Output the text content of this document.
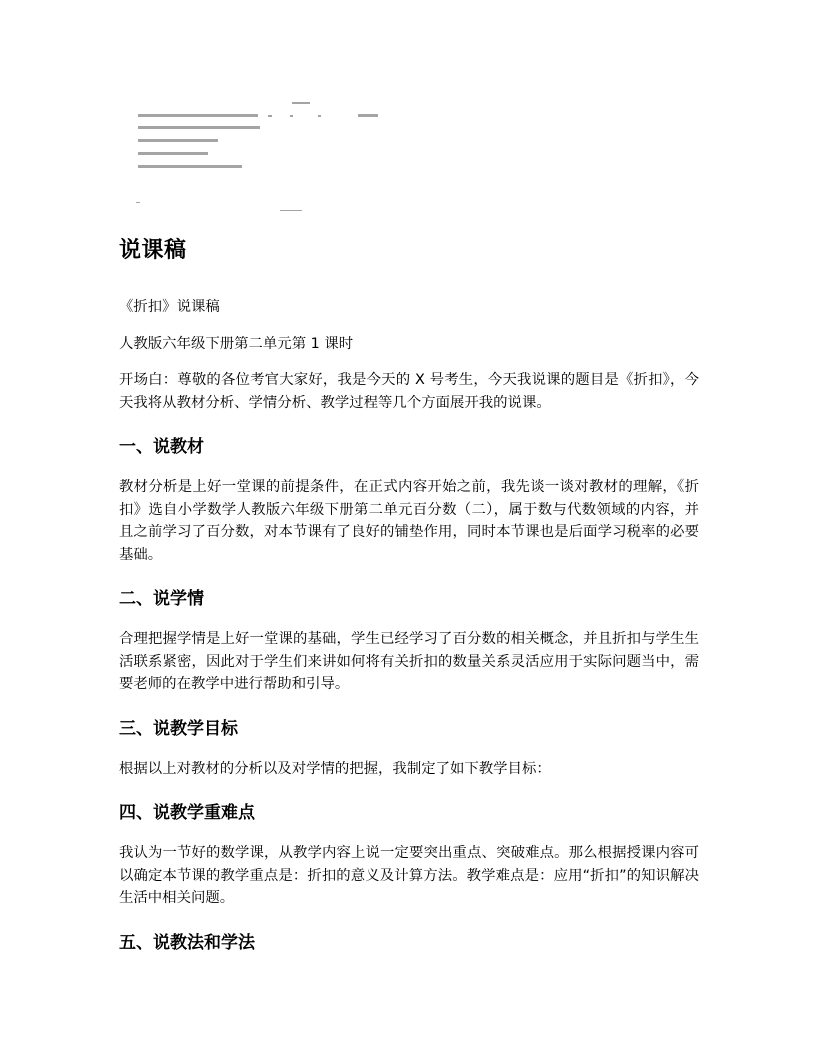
说课稿

《折扣》说课稿

人教版六年级下册第二单元第 1 课时

开场白：尊敬的各位考官大家好，我是今天的 X 号考生，今天我说课的题目是《折扣》，今天我将从教材分析、学情分析、教学过程等几个方面展开我的说课。

一、说教材

教材分析是上好一堂课的前提条件，在正式内容开始之前，我先谈一谈对教材的理解，《折扣》选自小学数学人教版六年级下册第二单元百分数（二），属于数与代数领域的内容，并且之前学习了百分数，对本节课有了良好的铺垫作用，同时本节课也是后面学习税率的必要基础。

二、说学情

合理把握学情是上好一堂课的基础，学生已经学习了百分数的相关概念，并且折扣与学生生活联系紧密，因此对于学生们来讲如何将有关折扣的数量关系灵活应用于实际问题当中，需要老师的在教学中进行帮助和引导。

三、说教学目标

根据以上对教材的分析以及对学情的把握，我制定了如下教学目标：

四、说教学重难点

我认为一节好的数学课，从教学内容上说一定要突出重点、突破难点。那么根据授课内容可以确定本节课的教学重点是：折扣的意义及计算方法。教学难点是：应用“折扣”的知识解决生活中相关问题。

五、说教法和学法
